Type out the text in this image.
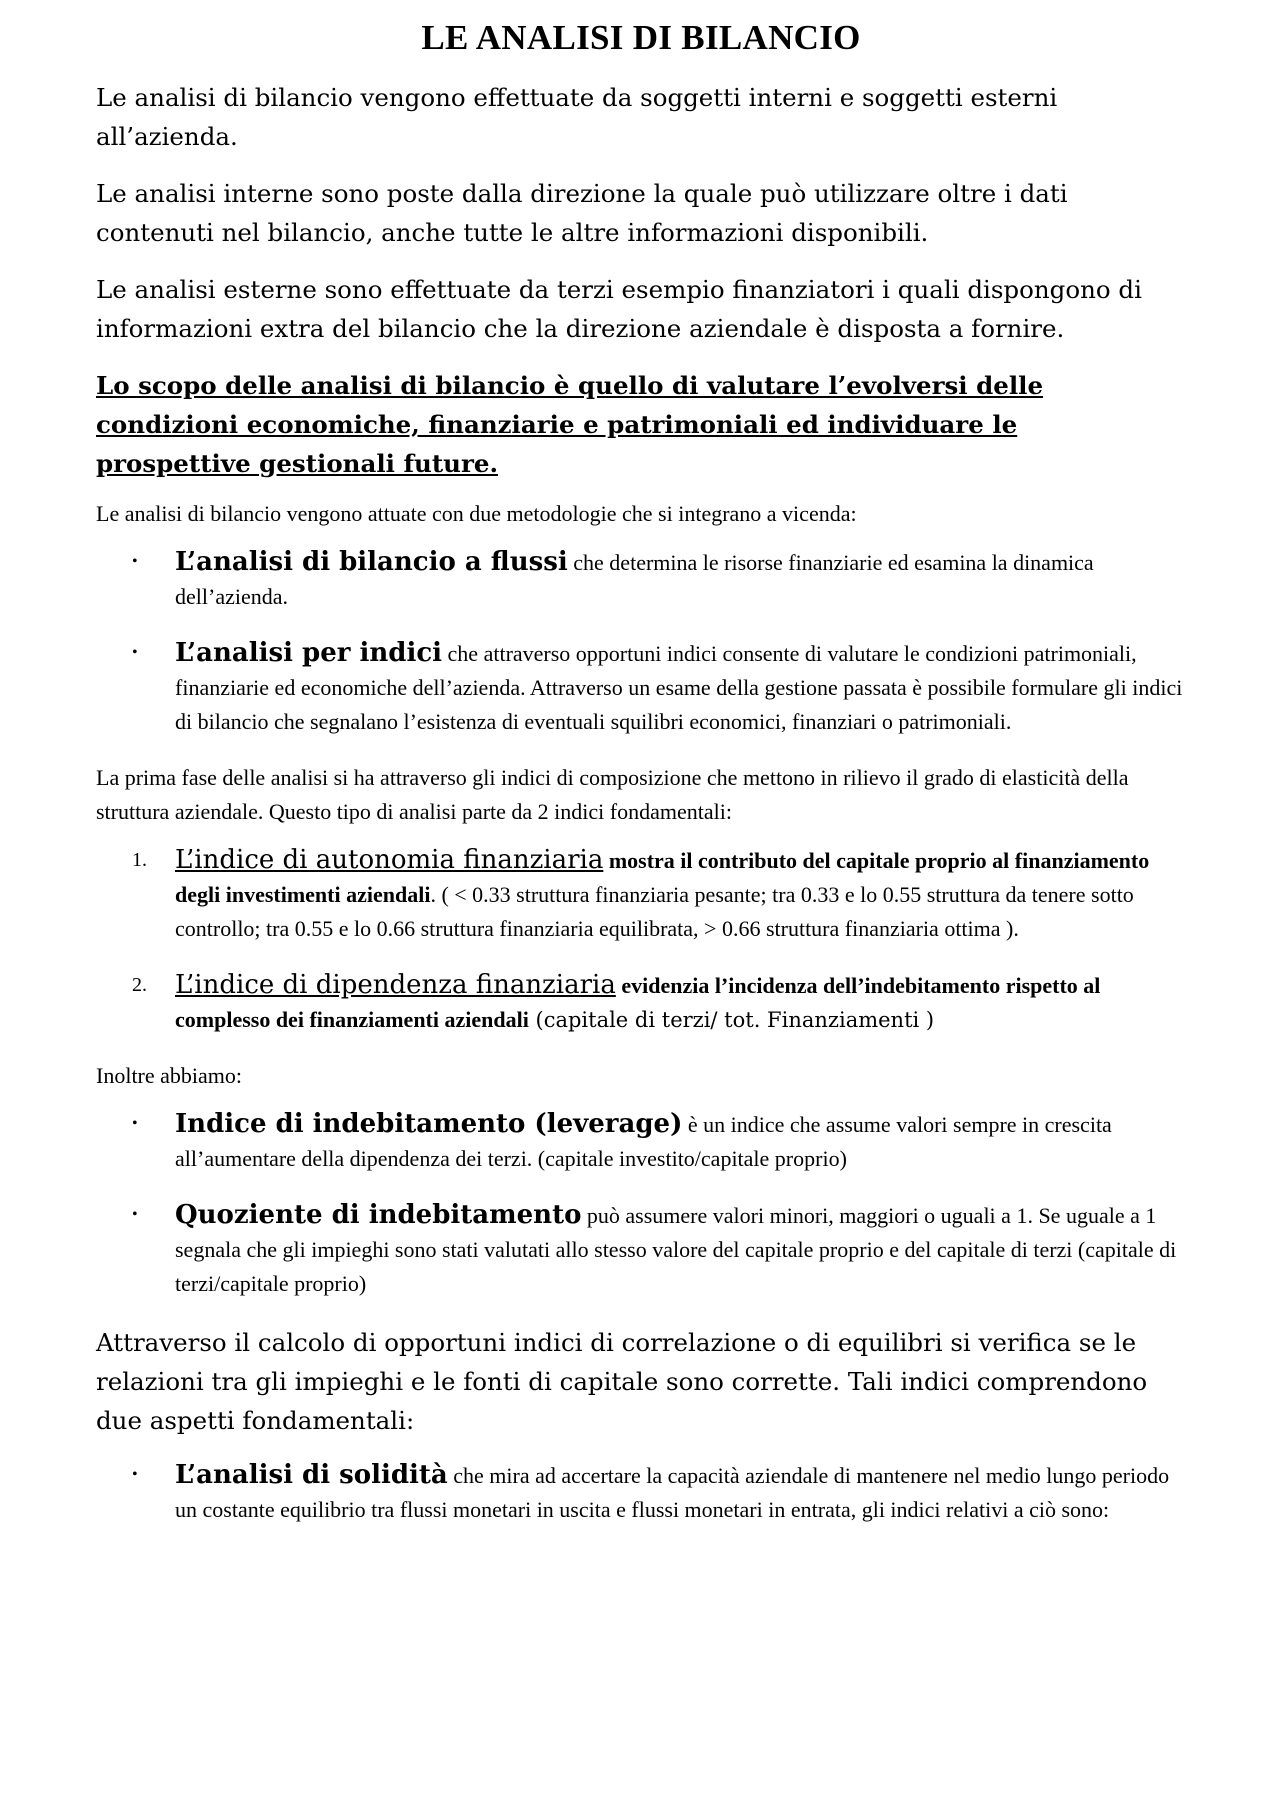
LE ANALISI DI BILANCIO

Le analisi di bilancio vengono effettuate da soggetti interni e soggetti esterni all’azienda.

Le analisi interne sono poste dalla direzione la quale può utilizzare oltre i dati contenuti nel bilancio, anche tutte le altre informazioni disponibili.

Le analisi esterne sono effettuate da terzi esempio finanziatori i quali dispongono di informazioni extra del bilancio che la direzione aziendale è disposta a fornire.

Lo scopo delle analisi di bilancio è quello di valutare l’evolversi delle condizioni economiche, finanziarie e patrimoniali ed individuare le prospettive gestionali future.

Le analisi di bilancio vengono attuate con due metodologie che si integrano a vicenda:

• L’analisi di bilancio a flussi che determina le risorse finanziarie ed esamina la dinamica dell’azienda.
• L’analisi per indici che attraverso opportuni indici consente di valutare le condizioni patrimoniali, finanziarie ed economiche dell’azienda. Attraverso un esame della gestione passata è possibile formulare gli indici di bilancio che segnalano l’esistenza di eventuali squilibri economici, finanziari o patrimoniali.

La prima fase delle analisi si ha attraverso gli indici di composizione che mettono in rilievo il grado di elasticità della struttura aziendale. Questo tipo di analisi parte da 2 indici fondamentali:

1. L’indice di autonomia finanziaria mostra il contributo del capitale proprio al finanziamento degli investimenti aziendali. ( < 0.33 struttura finanziaria pesante; tra 0.33 e lo 0.55 struttura da tenere sotto controllo; tra 0.55 e lo 0.66 struttura finanziaria equilibrata, > 0.66 struttura finanziaria ottima ).
2. L’indice di dipendenza finanziaria evidenzia l’incidenza dell’indebitamento rispetto al complesso dei finanziamenti aziendali (capitale di terzi/ tot. Finanziamenti )

Inoltre abbiamo:

• Indice di indebitamento (leverage) è un indice che assume valori sempre in crescita all’aumentare della dipendenza dei terzi. (capitale investito/capitale proprio)
• Quoziente di indebitamento può assumere valori minori, maggiori o uguali a 1. Se uguale a 1 segnala che gli impieghi sono stati valutati allo stesso valore del capitale proprio e del capitale di terzi (capitale di terzi/capitale proprio)

Attraverso il calcolo di opportuni indici di correlazione o di equilibri si verifica se le relazioni tra gli impieghi e le fonti di capitale sono corrette. Tali indici comprendono due aspetti fondamentali:

• L’analisi di solidità che mira ad accertare la capacità aziendale di mantenere nel medio lungo periodo un costante equilibrio tra flussi monetari in uscita e flussi monetari in entrata, gli indici relativi a ciò sono:
